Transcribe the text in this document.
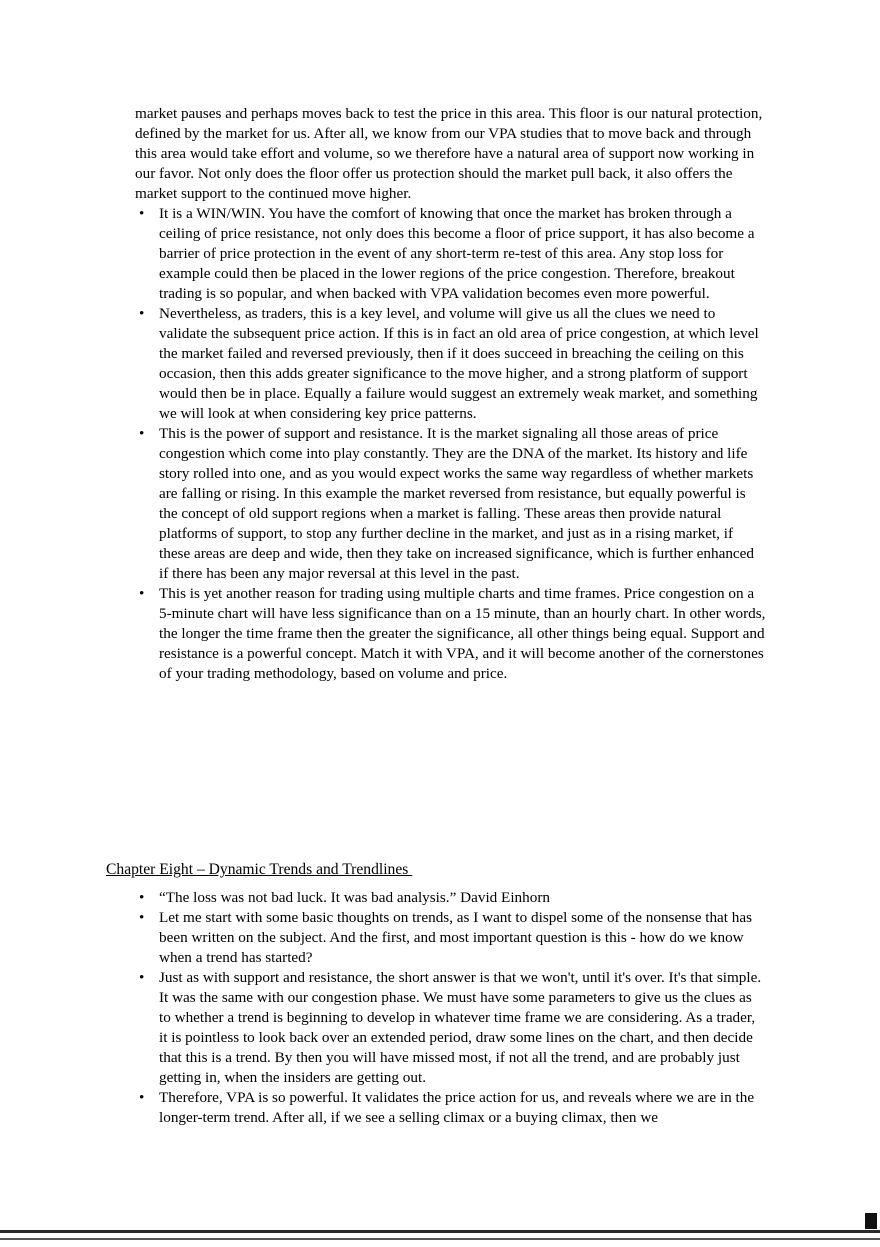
market pauses and perhaps moves back to test the price in this area. This floor is our natural protection, defined by the market for us. After all, we know from our VPA studies that to move back and through this area would take effort and volume, so we therefore have a natural area of support now working in our favor. Not only does the floor offer us protection should the market pull back, it also offers the market support to the continued move higher.

• It is a WIN/WIN. You have the comfort of knowing that once the market has broken through a ceiling of price resistance, not only does this become a floor of price support, it has also become a barrier of price protection in the event of any short-term re-test of this area. Any stop loss for example could then be placed in the lower regions of the price congestion. Therefore, breakout trading is so popular, and when backed with VPA validation becomes even more powerful.
• Nevertheless, as traders, this is a key level, and volume will give us all the clues we need to validate the subsequent price action. If this is in fact an old area of price congestion, at which level the market failed and reversed previously, then if it does succeed in breaching the ceiling on this occasion, then this adds greater significance to the move higher, and a strong platform of support would then be in place. Equally a failure would suggest an extremely weak market, and something we will look at when considering key price patterns.
• This is the power of support and resistance. It is the market signaling all those areas of price congestion which come into play constantly. They are the DNA of the market. Its history and life story rolled into one, and as you would expect works the same way regardless of whether markets are falling or rising. In this example the market reversed from resistance, but equally powerful is the concept of old support regions when a market is falling. These areas then provide natural platforms of support, to stop any further decline in the market, and just as in a rising market, if these areas are deep and wide, then they take on increased significance, which is further enhanced if there has been any major reversal at this level in the past.
• This is yet another reason for trading using multiple charts and time frames. Price congestion on a 5-minute chart will have less significance than on a 15 minute, than an hourly chart. In other words, the longer the time frame then the greater the significance, all other things being equal. Support and resistance is a powerful concept. Match it with VPA, and it will become another of the cornerstones of your trading methodology, based on volume and price.
Chapter Eight – Dynamic Trends and Trendlines
• “The loss was not bad luck. It was bad analysis.” David Einhorn
• Let me start with some basic thoughts on trends, as I want to dispel some of the nonsense that has been written on the subject. And the first, and most important question is this - how do we know when a trend has started?
• Just as with support and resistance, the short answer is that we won't, until it's over. It's that simple. It was the same with our congestion phase. We must have some parameters to give us the clues as to whether a trend is beginning to develop in whatever time frame we are considering. As a trader, it is pointless to look back over an extended period, draw some lines on the chart, and then decide that this is a trend. By then you will have missed most, if not all the trend, and are probably just getting in, when the insiders are getting out.
• Therefore, VPA is so powerful. It validates the price action for us, and reveals where we are in the longer-term trend. After all, if we see a selling climax or a buying climax, then we
